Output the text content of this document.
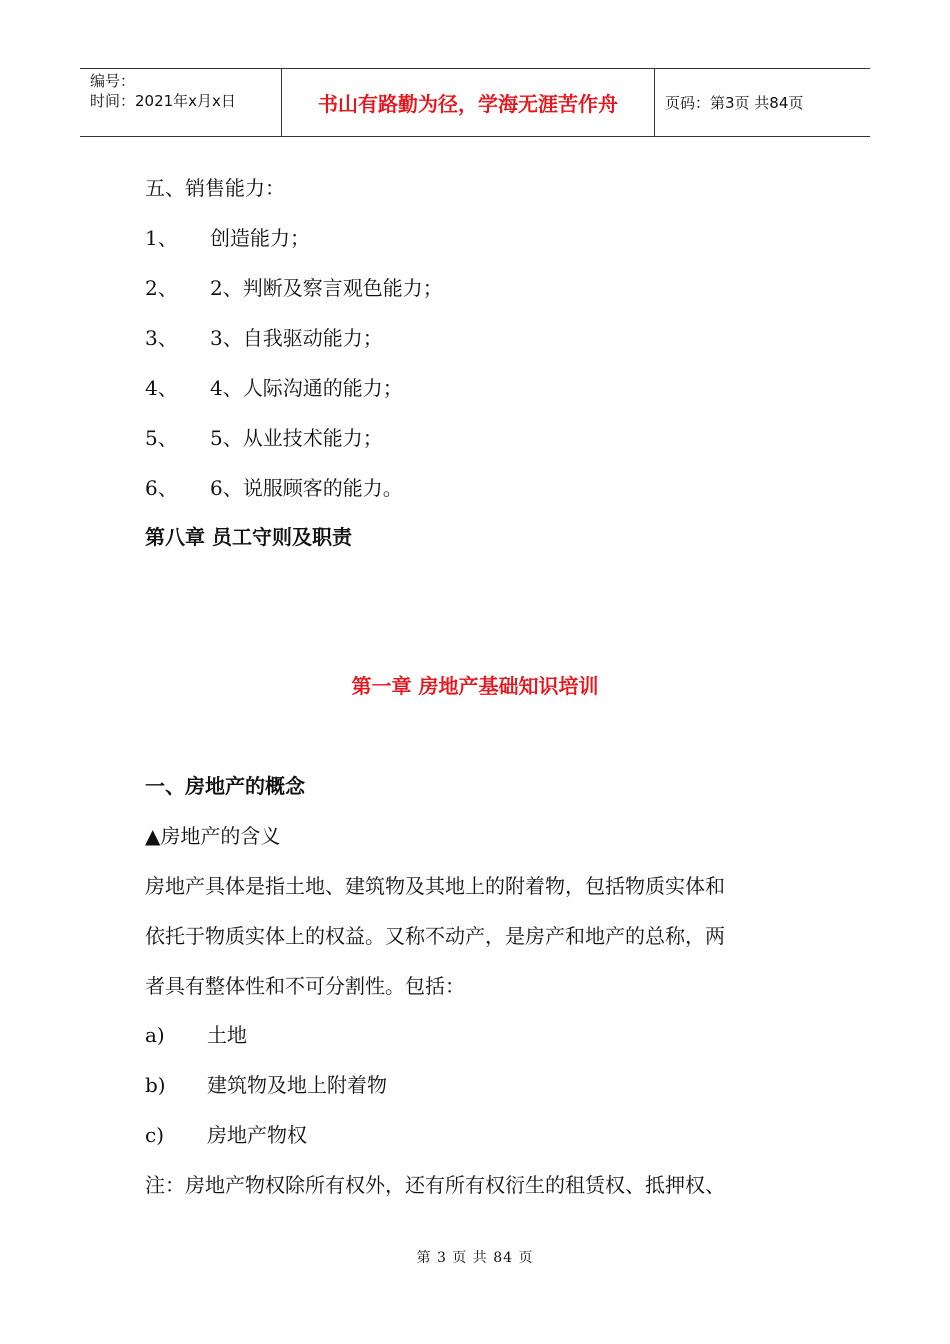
编号：
时间：2021年x月x日	书山有路勤为径，学海无涯苦作舟	页码：第3页 共84页
五、销售能力：
1、 创造能力；
2、 2、判断及察言观色能力；
3、 3、自我驱动能力；
4、 4、人际沟通的能力；
5、 5、从业技术能力；
6、 6、说服顾客的能力。
第八章 员工守则及职责
第一章 房地产基础知识培训
一、房地产的概念
▲房地产的含义
房地产具体是指土地、建筑物及其地上的附着物，包括物质实体和
依托于物质实体上的权益。又称不动产，是房产和地产的总称，两
者具有整体性和不可分割性。包括：
a) 土地
b) 建筑物及地上附着物
c) 房地产物权
注：房地产物权除所有权外，还有所有权衍生的租赁权、抵押权、
第 3 页 共 84 页
